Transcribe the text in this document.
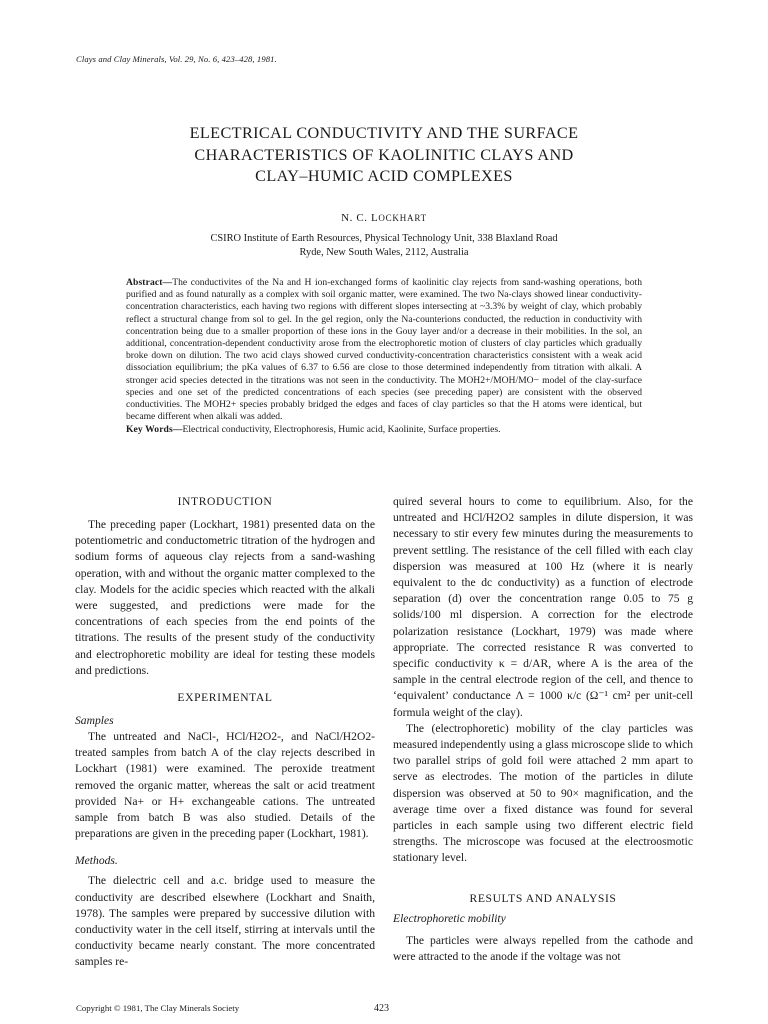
Clays and Clay Minerals, Vol. 29, No. 6, 423–428, 1981.
ELECTRICAL CONDUCTIVITY AND THE SURFACE
CHARACTERISTICS OF KAOLINITIC CLAYS AND
CLAY–HUMIC ACID COMPLEXES
N. C. LOCKHART
CSIRO Institute of Earth Resources, Physical Technology Unit, 338 Blaxland Road
Ryde, New South Wales, 2112, Australia

Abstract—The conductivites of the Na and H ion-exchanged forms of kaolinitic clay rejects from sand-washing operations, both purified and as found naturally as a complex with soil organic matter, were examined. The two Na-clays showed linear conductivity-concentration characteristics, each having two regions with different slopes intersecting at ~3.3% by weight of clay, which probably reflect a structural change from sol to gel. In the gel region, only the Na-counterions conducted, the reduction in conductivity with concentration being due to a smaller proportion of these ions in the Gouy layer and/or a decrease in their mobilities. In the sol, an additional, concentration-dependent conductivity arose from the electrophoretic motion of clusters of clay particles which gradually broke down on dilution. The two acid clays showed curved conductivity-concentration characteristics consistent with a weak acid dissociation equilibrium; the pKa values of 6.37 to 6.56 are close to those determined independently from titration with alkali. A stronger acid species detected in the titrations was not seen in the conductivity. The MOH2+/MOH/MO− model of the clay-surface species and one set of the predicted concentrations of each species (see preceding paper) are consistent with the observed conductivities. The MOH2+ species probably bridged the edges and faces of clay particles so that the H atoms were identical, but became different when alkali was added.

Key Words—Electrical conductivity, Electrophoresis, Humic acid, Kaolinite, Surface properties.

INTRODUCTION

The preceding paper (Lockhart, 1981) presented data on the potentiometric and conductometric titration of the hydrogen and sodium forms of aqueous clay rejects from a sand-washing operation, with and without the organic matter complexed to the clay. Models for the acidic species which reacted with the alkali were suggested, and predictions were made for the concentrations of each species from the end points of the titrations. The results of the present study of the conductivity and electrophoretic mobility are ideal for testing these models and predictions.

EXPERIMENTAL
Samples

The untreated and NaCl-, HCl/H2O2-, and NaCl/H2O2-treated samples from batch A of the clay rejects described in Lockhart (1981) were examined. The peroxide treatment removed the organic matter, whereas the salt or acid treatment provided Na+ or H+ exchangeable cations. The untreated sample from batch B was also studied. Details of the preparations are given in the preceding paper (Lockhart, 1981).

Methods.

The dielectric cell and a.c. bridge used to measure the conductivity are described elsewhere (Lockhart and Snaith, 1978). The samples were prepared by successive dilution with conductivity water in the cell itself, stirring at intervals until the conductivity became nearly constant. The more concentrated samples re-

quired several hours to come to equilibrium. Also, for the untreated and HCl/H2O2 samples in dilute dispersion, it was necessary to stir every few minutes during the measurements to prevent settling. The resistance of the cell filled with each clay dispersion was measured at 100 Hz (where it is nearly equivalent to the dc conductivity) as a function of electrode separation (d) over the concentration range 0.05 to 75 g solids/100 ml dispersion. A correction for the electrode polarization resistance (Lockhart, 1979) was made where appropriate. The corrected resistance R was converted to specific conductivity κ = d/AR, where A is the area of the sample in the central electrode region of the cell, and thence to ‘equivalent’ conductance Λ = 1000 κ/c (Ω⁻¹ cm² per unit-cell formula weight of the clay).

The (electrophoretic) mobility of the clay particles was measured independently using a glass microscope slide to which two parallel strips of gold foil were attached 2 mm apart to serve as electrodes. The motion of the particles in dilute dispersion was observed at 50 to 90× magnification, and the average time over a fixed distance was found for several particles in each sample using two different electric field strengths. The microscope was focused at the electroosmotic stationary level.

RESULTS AND ANALYSIS
Electrophoretic mobility

The particles were always repelled from the cathode and were attracted to the anode if the voltage was not

Copyright © 1981, The Clay Minerals Society	423
